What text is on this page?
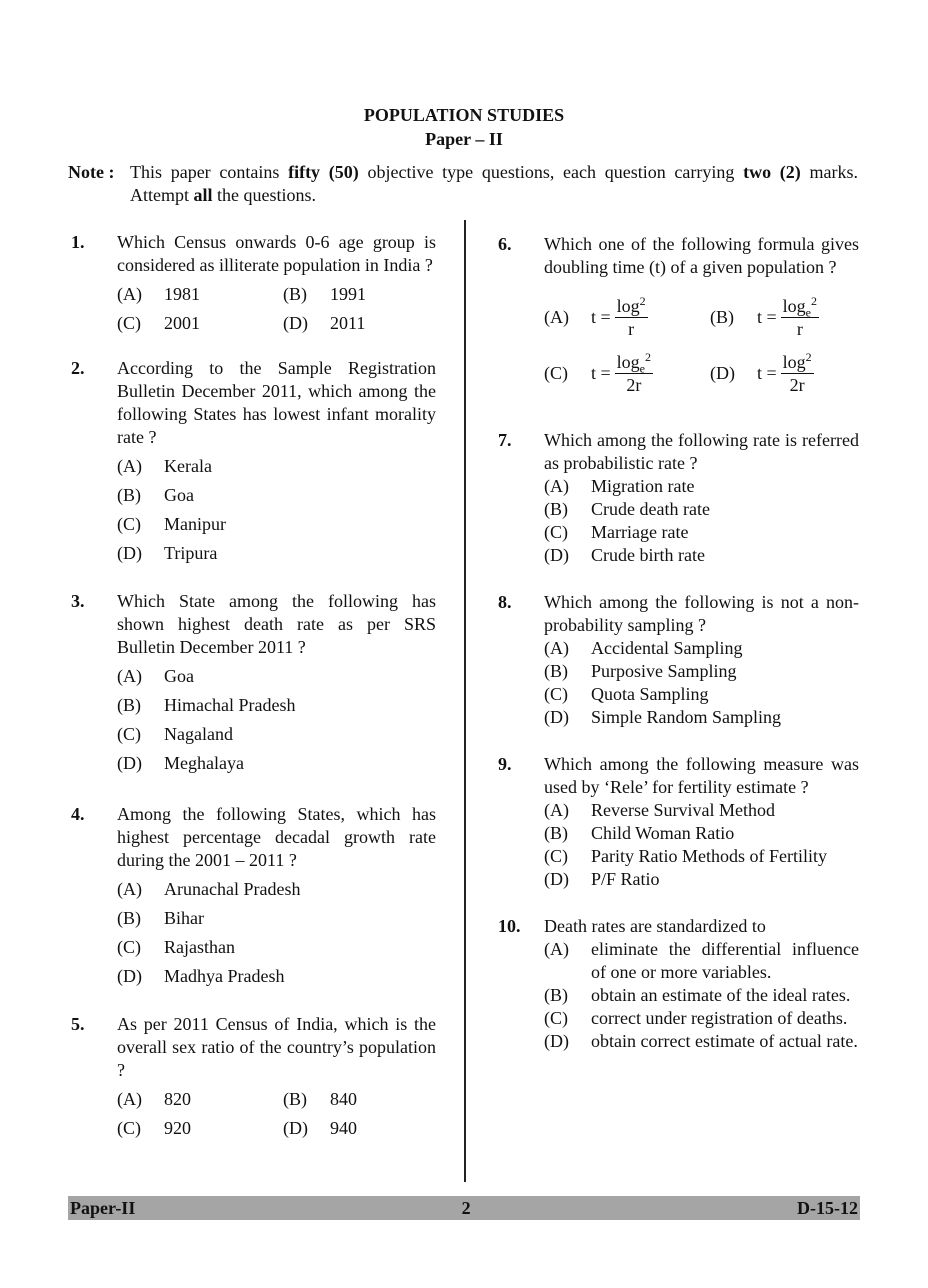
POPULATION STUDIES
Paper – II
Note : This paper contains fifty (50) objective type questions, each question carrying two (2) marks. Attempt all the questions.
1. Which Census onwards 0-6 age group is considered as illiterate population in India ?
(A)	1981	(B)	1991
(C)	2001	(D)	2011
2. According to the Sample Registration Bulletin December 2011, which among the following States has lowest infant morality rate ?
(A)	Kerala
(B)	Goa
(C)	Manipur
(D)	Tripura
3. Which State among the following has shown highest death rate as per SRS Bulletin December 2011 ?
(A)	Goa
(B)	Himachal Pradesh
(C)	Nagaland
(D)	Meghalaya
4. Among the following States, which has highest percentage decadal growth rate during the 2001 – 2011 ?
(A)	Arunachal Pradesh
(B)	Bihar
(C)	Rajasthan
(D)	Madhya Pradesh
5. As per 2011 Census of India, which is the overall sex ratio of the country’s population ?
(A)	820	(B)	840
(C)	920	(D)	940
6. Which one of the following formula gives doubling time (t) of a given population ?
(A)	$t = \frac{\log^2}{r}$	(B)	$t = \frac{\log_e^2}{r}$
(C)	$t = \frac{\log_e^2}{2r}$	(D)	$t = \frac{\log^2}{2r}$
7. Which among the following rate is referred as probabilistic rate ?
(A)	Migration rate
(B)	Crude death rate
(C)	Marriage rate
(D)	Crude birth rate
8. Which among the following is not a non-probability sampling ?
(A)	Accidental Sampling
(B)	Purposive Sampling
(C)	Quota Sampling
(D)	Simple Random Sampling
9. Which among the following measure was used by ‘Rele’ for fertility estimate ?
(A)	Reverse Survival Method
(B)	Child Woman Ratio
(C)	Parity Ratio Methods of Fertility
(D)	P/F Ratio
10. Death rates are standardized to
(A)	eliminate the differential influence of one or more variables.
(B)	obtain an estimate of the ideal rates.
(C)	correct under registration of deaths.
(D)	obtain correct estimate of actual rate.
Paper-II	2	D-15-12
